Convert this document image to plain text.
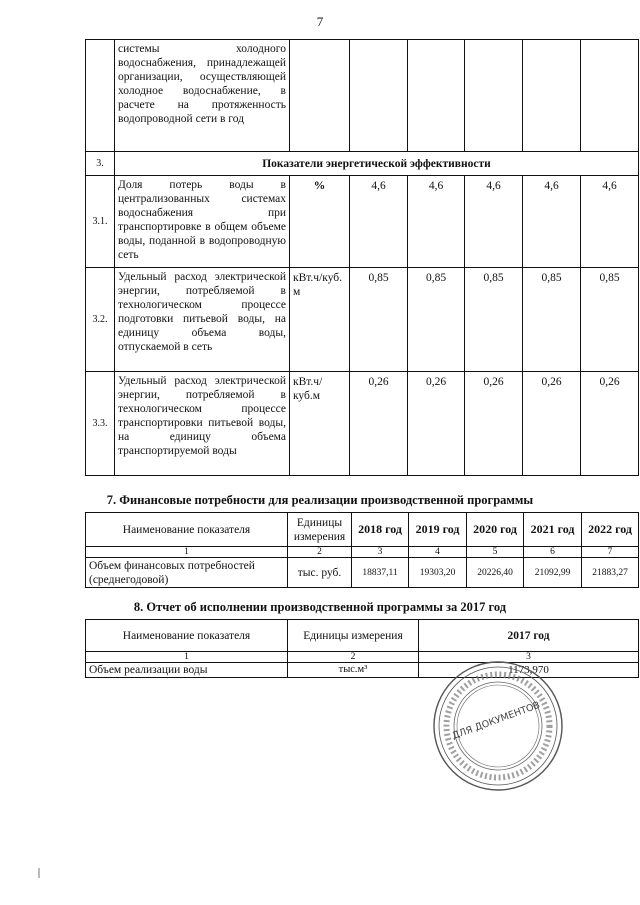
7
	системы холодного водоснабжения, принадлежащей организации, осуществляющей холодное водоснабжение, в расчете на протяженность водопроводной сети в год						
3.	Показатели энергетической эффективности						
3.1.	Доля потерь воды в централизованных системах водоснабжения при транспортировке в общем объеме воды, поданной в водопроводную сеть	%	4,6	4,6	4,6	4,6	4,6
3.2.	Удельный расход электрической энергии, потребляемой в технологическом процессе подготовки питьевой воды, на единицу объема воды, отпускаемой в сеть	кВт.ч/куб. м	0,85	0,85	0,85	0,85	0,85
3.3.	Удельный расход электрической энергии, потребляемой в технологическом процессе транспортировки питьевой воды, на единицу объема транспортируемой воды	кВт.ч/куб.м	0,26	0,26	0,26	0,26	0,26
7. Финансовые потребности для реализации производственной программы
Наименование показателя	Единицы измерения	2018 год	2019 год	2020 год	2021 год	2022 год
1	2	3	4	5	6	7
Объем финансовых потребностей (среднегодовой)	тыс. руб.	18837,11	19303,20	20226,40	21092,99	21883,27
8. Отчет об исполнении производственной программы за 2017 год
Наименование показателя	Единицы измерения	2017 год
1	2	3
Объем реализации воды	тыс.м³	1173,970
ДЛЯ ДОКУМЕНТОВ
